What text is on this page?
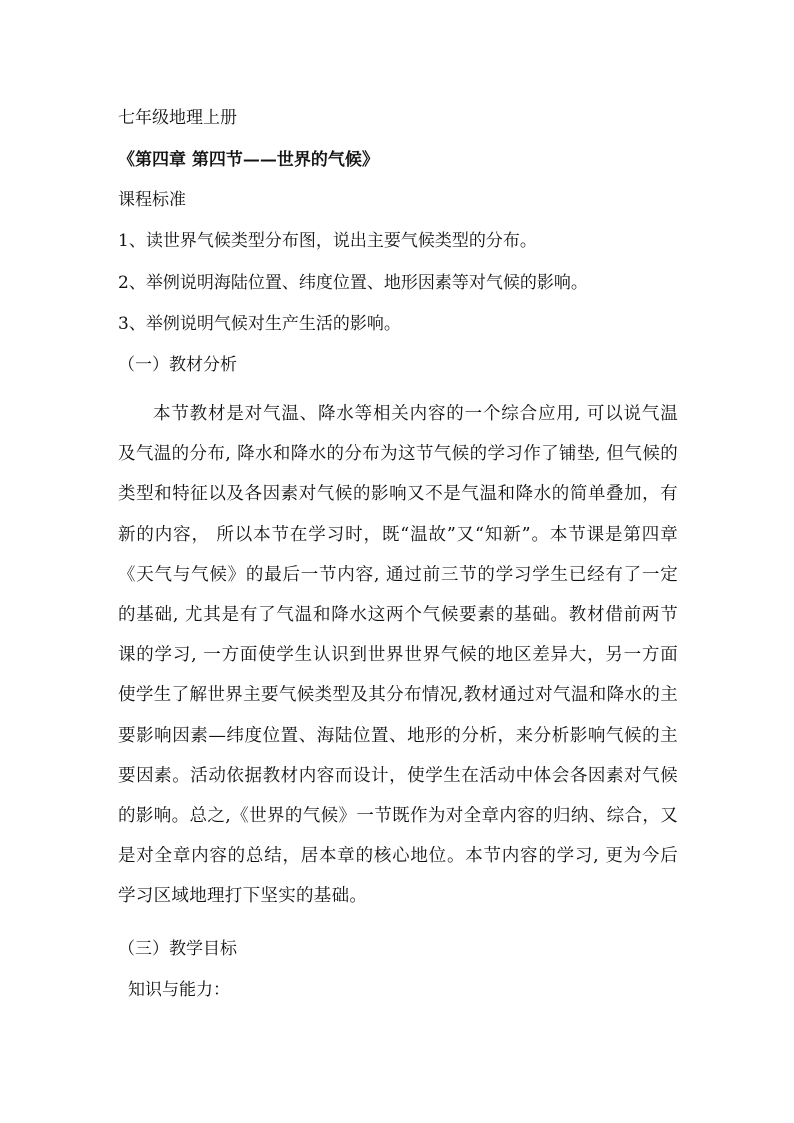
七年级地理上册
《第四章 第四节——世界的气候》
课程标准
1、读世界气候类型分布图，说出主要气候类型的分布。
2、举例说明海陆位置、纬度位置、地形因素等对气候的影响。
3、举例说明气候对生产生活的影响。
（一）教材分析
本节教材是对气温、降水等相关内容的一个综合应用, 可以说气温及气温的分布, 降水和降水的分布为这节气候的学习作了铺垫, 但气候的类型和特征以及各因素对气候的影响又不是气温和降水的简单叠加，有新的内容， 所以本节在学习时，既“温故”又“知新”。本节课是第四章《天气与气候》的最后一节内容, 通过前三节的学习学生已经有了一定的基础, 尤其是有了气温和降水这两个气候要素的基础。教材借前两节课的学习, 一方面使学生认识到世界世界气候的地区差异大，另一方面使学生了解世界主要气候类型及其分布情况,教材通过对气温和降水的主要影响因素—纬度位置、海陆位置、地形的分析，来分析影响气候的主要因素。活动依据教材内容而设计，使学生在活动中体会各因素对气候的影响。总之,《世界的气候》一节既作为对全章内容的归纳、综合，又是对全章内容的总结，居本章的核心地位。本节内容的学习, 更为今后学习区域地理打下坚实的基础。
（三）教学目标
知识与能力：
